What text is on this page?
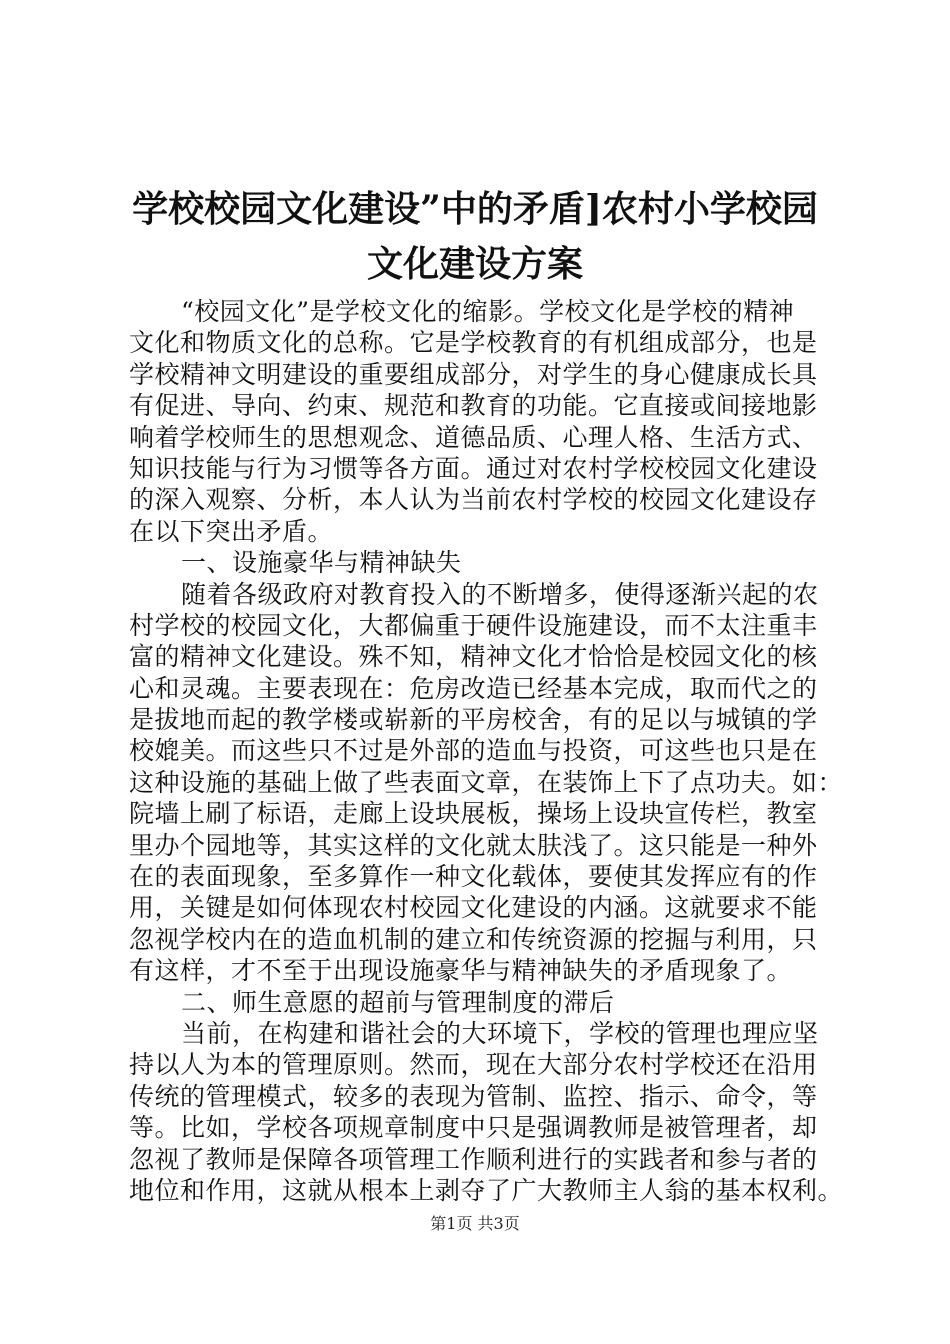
学校校园文化建设”中的矛盾]农村小学校园
文化建设方案
“校园文化”是学校文化的缩影。学校文化是学校的精神
文化和物质文化的总称。它是学校教育的有机组成部分，也是
学校精神文明建设的重要组成部分，对学生的身心健康成长具
有促进、导向、约束、规范和教育的功能。它直接或间接地影
响着学校师生的思想观念、道德品质、心理人格、生活方式、
知识技能与行为习惯等各方面。通过对农村学校校园文化建设
的深入观察、分析，本人认为当前农村学校的校园文化建设存
在以下突出矛盾。
一、设施豪华与精神缺失
随着各级政府对教育投入的不断增多，使得逐渐兴起的农
村学校的校园文化，大都偏重于硬件设施建设，而不太注重丰
富的精神文化建设。殊不知，精神文化才恰恰是校园文化的核
心和灵魂。主要表现在：危房改造已经基本完成，取而代之的
是拔地而起的教学楼或崭新的平房校舍，有的足以与城镇的学
校媲美。而这些只不过是外部的造血与投资，可这些也只是在
这种设施的基础上做了些表面文章，在装饰上下了点功夫。如：
院墙上刷了标语，走廊上设块展板，操场上设块宣传栏，教室
里办个园地等，其实这样的文化就太肤浅了。这只能是一种外
在的表面现象，至多算作一种文化载体，要使其发挥应有的作
用，关键是如何体现农村校园文化建设的内涵。这就要求不能
忽视学校内在的造血机制的建立和传统资源的挖掘与利用，只
有这样，才不至于出现设施豪华与精神缺失的矛盾现象了。
二、师生意愿的超前与管理制度的滞后
当前，在构建和谐社会的大环境下，学校的管理也理应坚
持以人为本的管理原则。然而，现在大部分农村学校还在沿用
传统的管理模式，较多的表现为管制、监控、指示、命令，等
等。比如，学校各项规章制度中只是强调教师是被管理者，却
忽视了教师是保障各项管理工作顺利进行的实践者和参与者的
地位和作用，这就从根本上剥夺了广大教师主人翁的基本权利。
第1页 共3页
